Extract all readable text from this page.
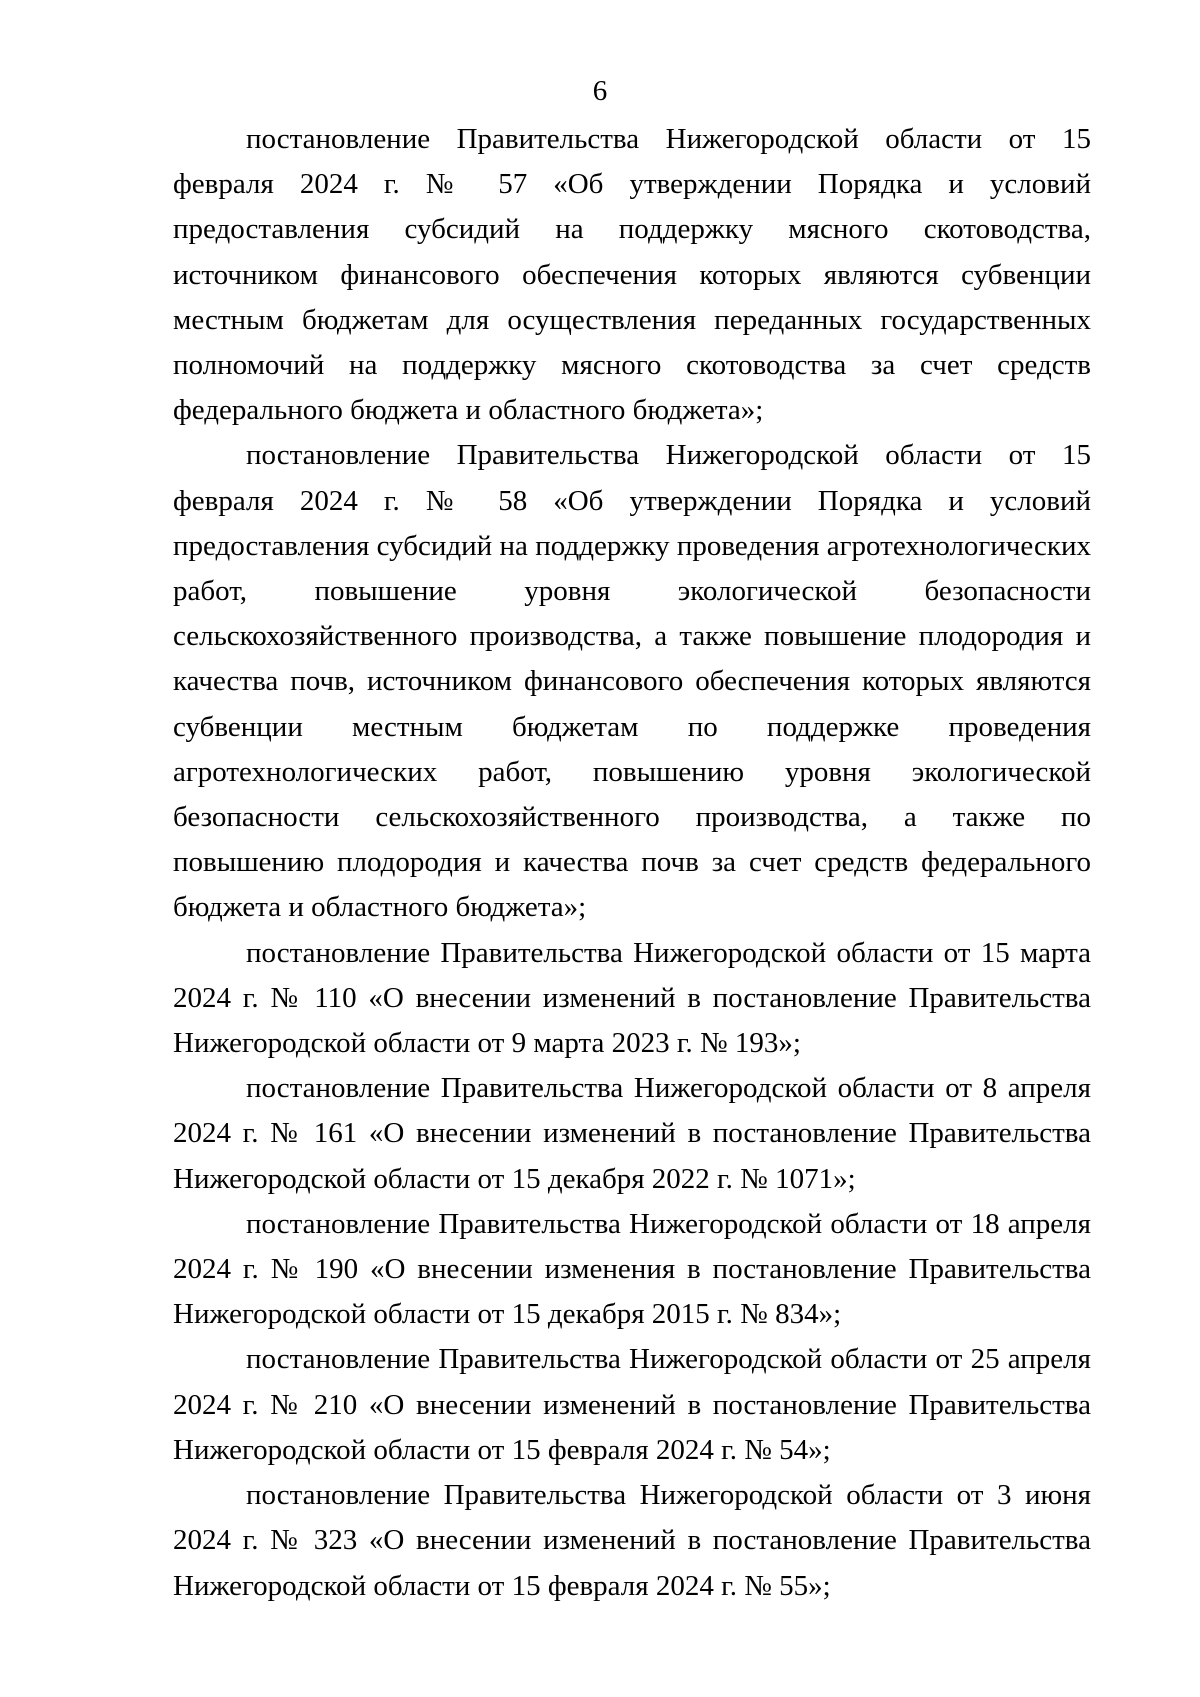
6

постановление Правительства Нижегородской области от 15 февраля 2024 г. № 57 «Об утверждении Порядка и условий предоставления субсидий на поддержку мясного скотоводства, источником финансового обеспечения которых являются субвенции местным бюджетам для осуществления переданных государственных полномочий на поддержку мясного скотоводства за счет средств федерального бюджета и областного бюджета»;

постановление Правительства Нижегородской области от 15 февраля 2024 г. № 58 «Об утверждении Порядка и условий предоставления субсидий на поддержку проведения агротехнологических работ, повышение уровня экологической безопасности сельскохозяйственного производства, а также повышение плодородия и качества почв, источником финансового обеспечения которых являются субвенции местным бюджетам по поддержке проведения агротехнологических работ, повышению уровня экологической безопасности сельскохозяйственного производства, а также по повышению плодородия и качества почв за счет средств федерального бюджета и областного бюджета»;

постановление Правительства Нижегородской области от 15 марта 2024 г. № 110 «О внесении изменений в постановление Правительства Нижегородской области от 9 марта 2023 г. № 193»;

постановление Правительства Нижегородской области от 8 апреля 2024 г. № 161 «О внесении изменений в постановление Правительства Нижегородской области от 15 декабря 2022 г. № 1071»;

постановление Правительства Нижегородской области от 18 апреля 2024 г. № 190 «О внесении изменения в постановление Правительства Нижегородской области от 15 декабря 2015 г. № 834»;

постановление Правительства Нижегородской области от 25 апреля 2024 г. № 210 «О внесении изменений в постановление Правительства Нижегородской области от 15 февраля 2024 г. № 54»;

постановление Правительства Нижегородской области от 3 июня 2024 г. № 323 «О внесении изменений в постановление Правительства Нижегородской области от 15 февраля 2024 г. № 55»;
